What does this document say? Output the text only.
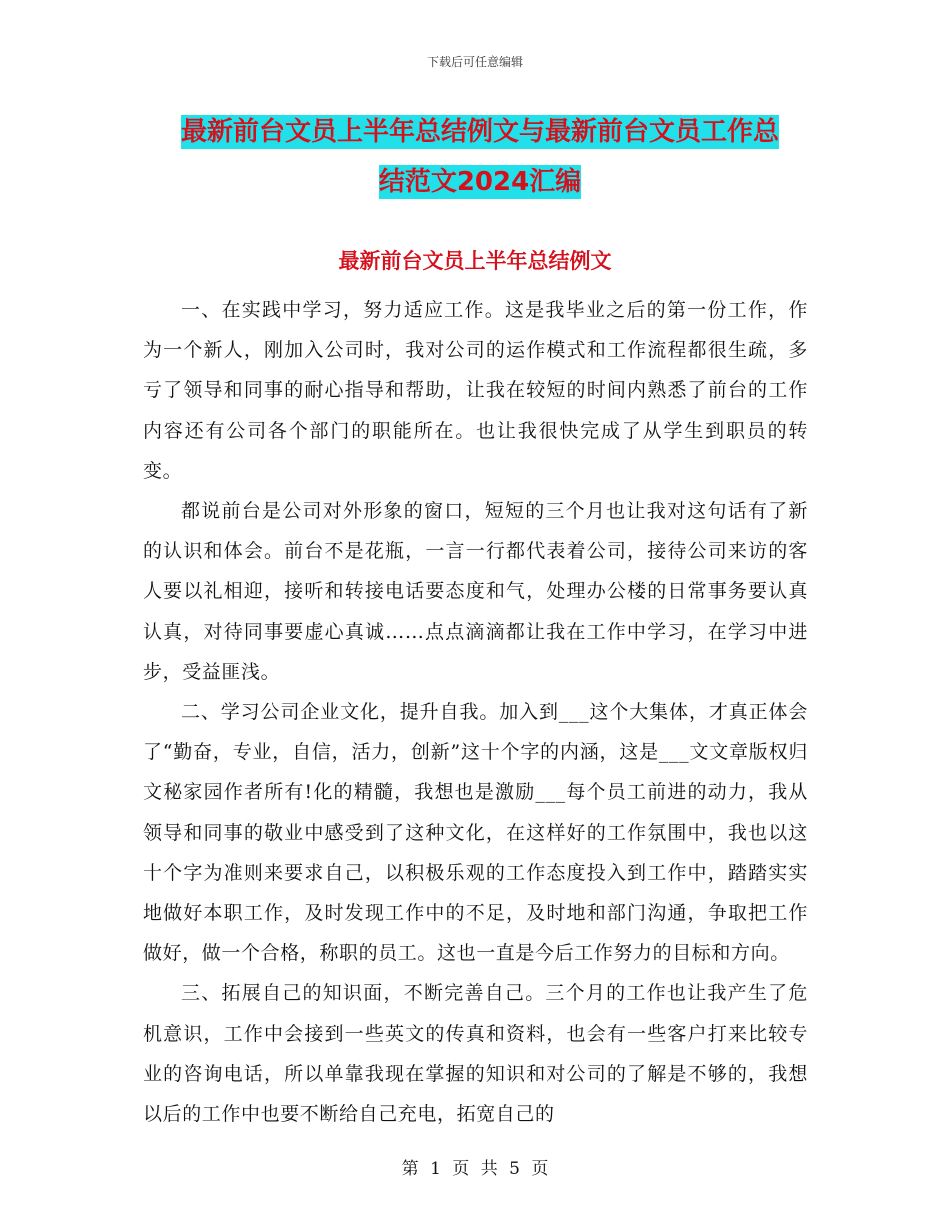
下载后可任意编辑
最新前台文员上半年总结例文与最新前台文员工作总
结范文2024汇编
最新前台文员上半年总结例文

一、在实践中学习，努力适应工作。这是我毕业之后的第一份工作，作为一个新人，刚加入公司时，我对公司的运作模式和工作流程都很生疏，多亏了领导和同事的耐心指导和帮助，让我在较短的时间内熟悉了前台的工作内容还有公司各个部门的职能所在。也让我很快完成了从学生到职员的转变。

都说前台是公司对外形象的窗口，短短的三个月也让我对这句话有了新的认识和体会。前台不是花瓶，一言一行都代表着公司，接待公司来访的客人要以礼相迎，接听和转接电话要态度和气，处理办公楼的日常事务要认真认真，对待同事要虚心真诚……点点滴滴都让我在工作中学习，在学习中进步，受益匪浅。

二、学习公司企业文化，提升自我。加入到___这个大集体，才真正体会了“勤奋，专业，自信，活力，创新”这十个字的内涵，这是___文文章版权归文秘家园作者所有!化的精髓，我想也是激励___每个员工前进的动力，我从领导和同事的敬业中感受到了这种文化，在这样好的工作氛围中，我也以这十个字为准则来要求自己，以积极乐观的工作态度投入到工作中，踏踏实实地做好本职工作，及时发现工作中的不足，及时地和部门沟通，争取把工作做好，做一个合格，称职的员工。这也一直是今后工作努力的目标和方向。

三、拓展自己的知识面，不断完善自己。三个月的工作也让我产生了危机意识，工作中会接到一些英文的传真和资料，也会有一些客户打来比较专业的咨询电话，所以单靠我现在掌握的知识和对公司的了解是不够的，我想以后的工作中也要不断给自己充电，拓宽自己的

第 1 页 共 5 页
